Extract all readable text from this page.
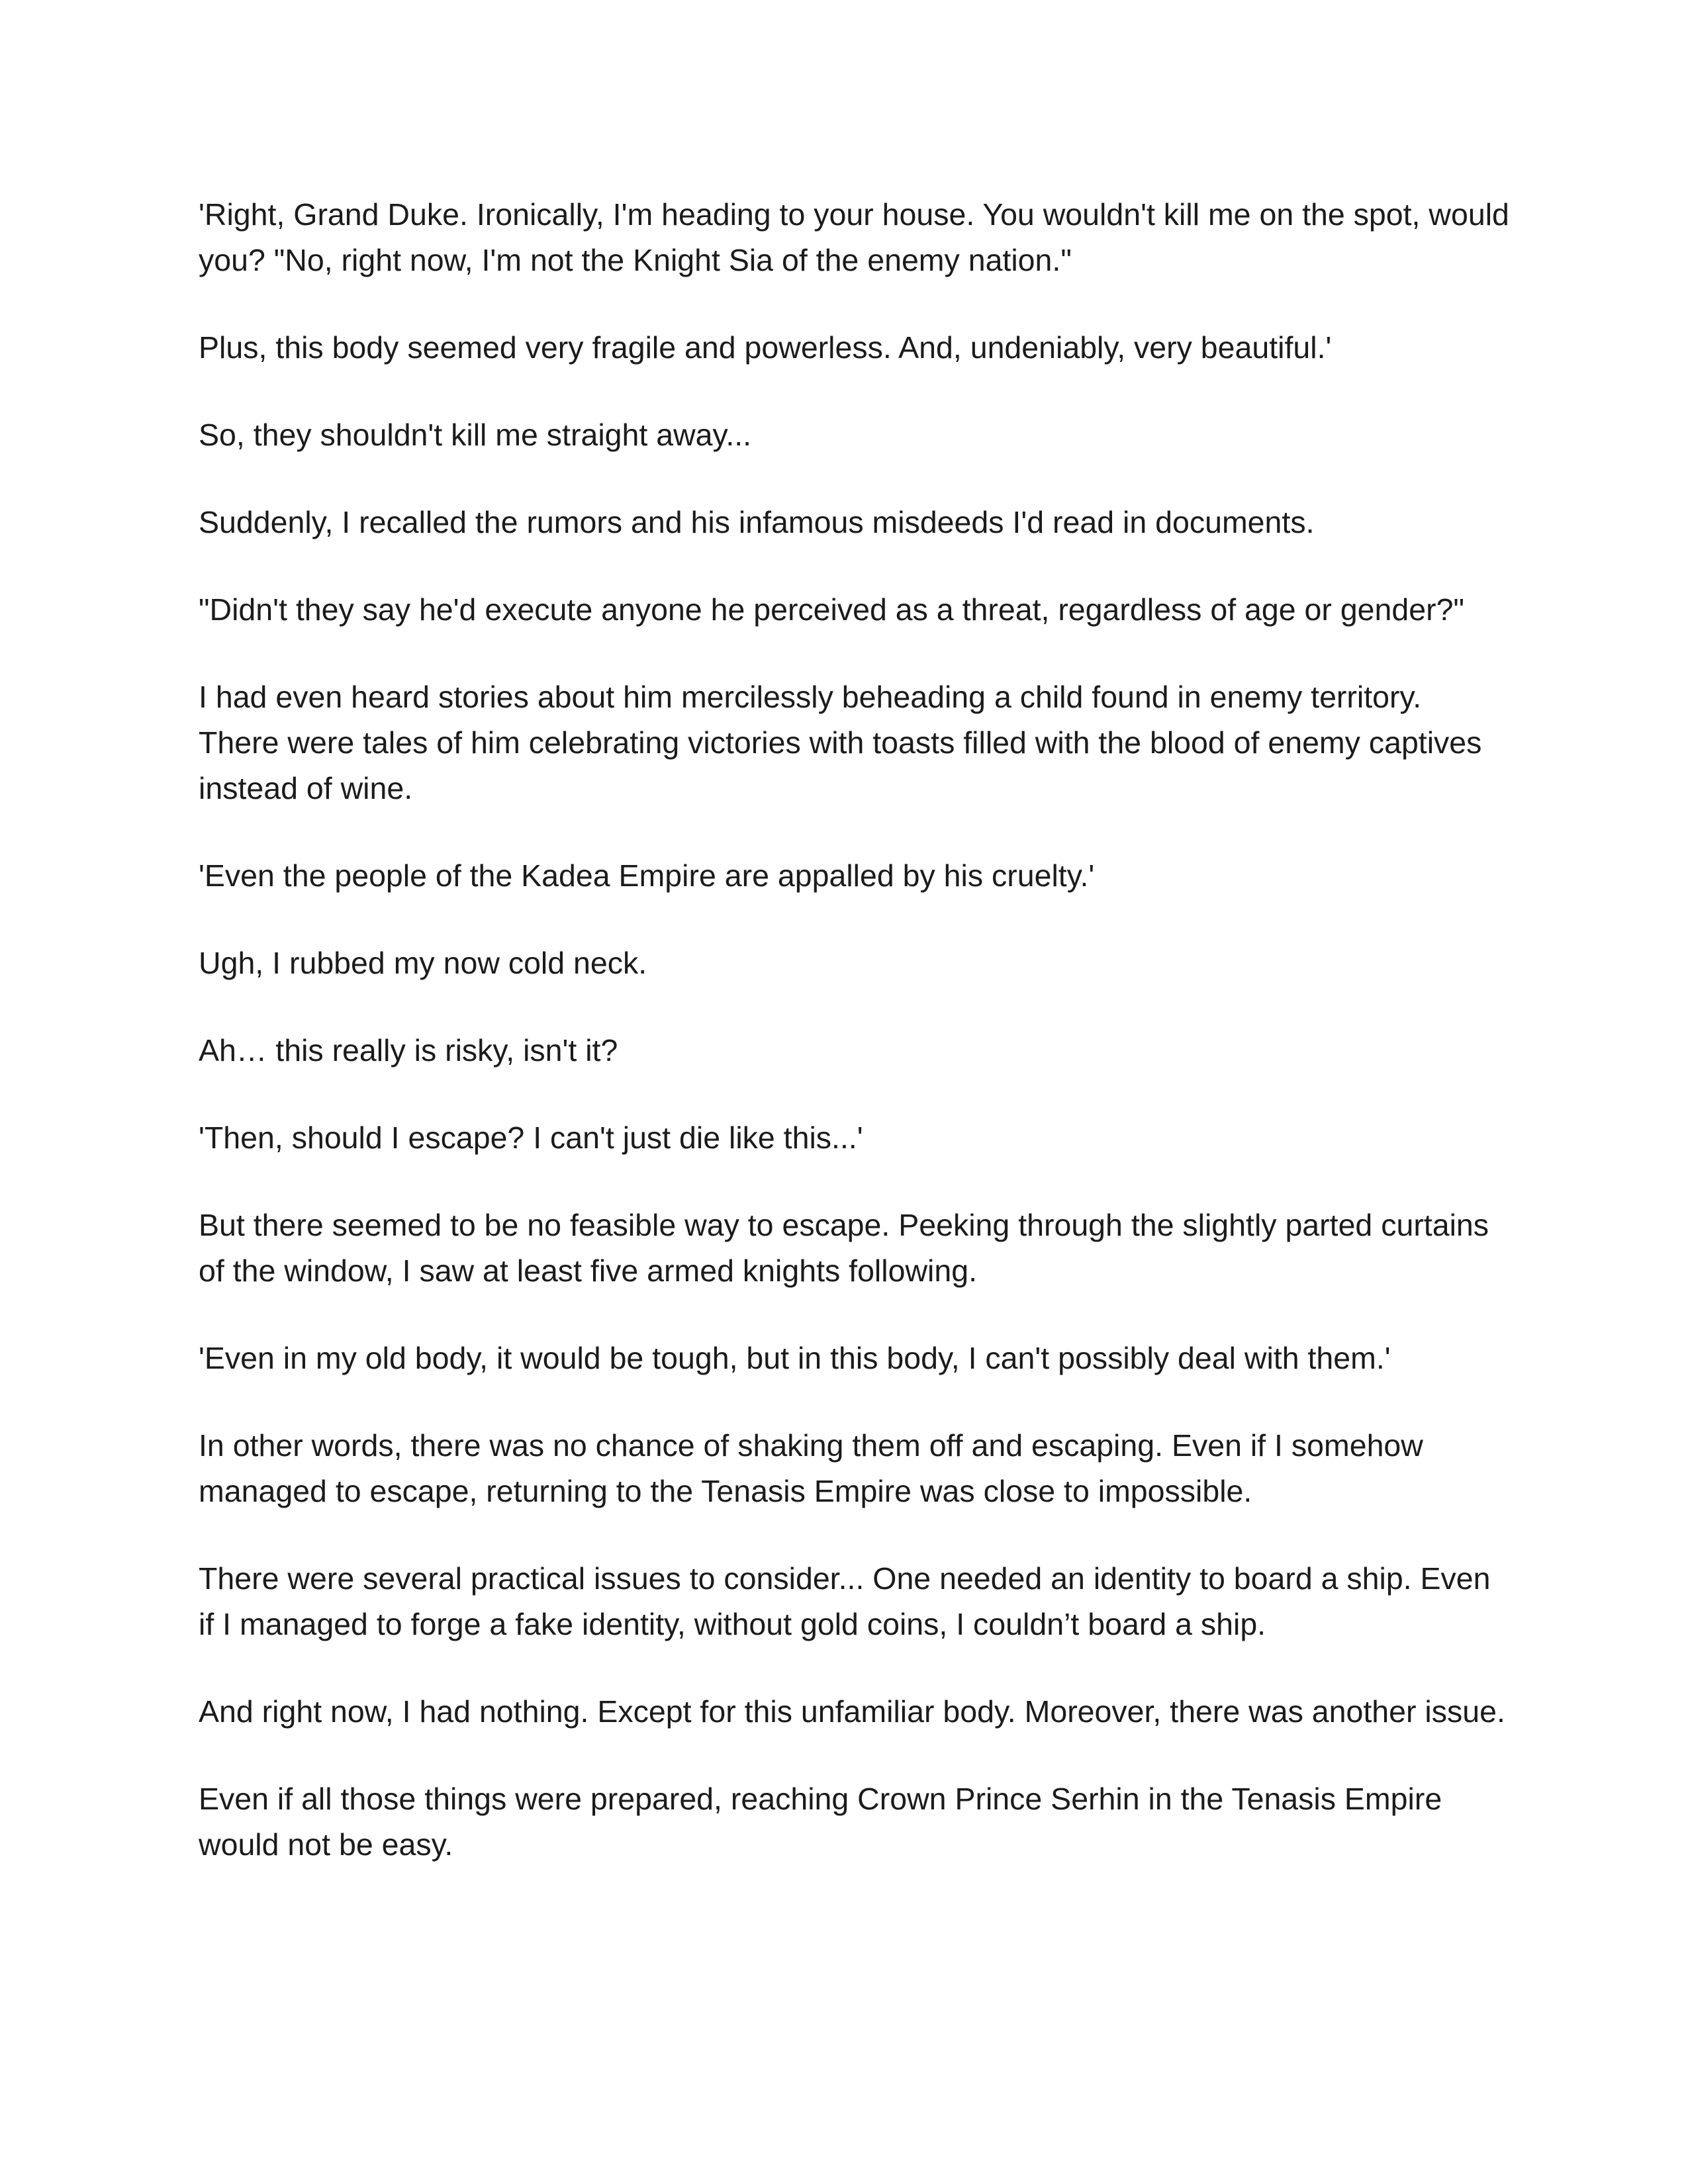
'Right, Grand Duke. Ironically, I'm heading to your house. You wouldn't kill me on the spot, would you? "No, right now, I'm not the Knight Sia of the enemy nation."

Plus, this body seemed very fragile and powerless. And, undeniably, very beautiful.'

So, they shouldn't kill me straight away...

Suddenly, I recalled the rumors and his infamous misdeeds I'd read in documents.

"Didn't they say he'd execute anyone he perceived as a threat, regardless of age or gender?"

I had even heard stories about him mercilessly beheading a child found in enemy territory. There were tales of him celebrating victories with toasts filled with the blood of enemy captives instead of wine.

'Even the people of the Kadea Empire are appalled by his cruelty.'

Ugh, I rubbed my now cold neck.

Ah… this really is risky, isn't it?

'Then, should I escape? I can't just die like this...'

But there seemed to be no feasible way to escape. Peeking through the slightly parted curtains of the window, I saw at least five armed knights following.

'Even in my old body, it would be tough, but in this body, I can't possibly deal with them.'

In other words, there was no chance of shaking them off and escaping. Even if I somehow managed to escape, returning to the Tenasis Empire was close to impossible.

There were several practical issues to consider... One needed an identity to board a ship. Even if I managed to forge a fake identity, without gold coins, I couldn’t board a ship.

And right now, I had nothing. Except for this unfamiliar body. Moreover, there was another issue.

Even if all those things were prepared, reaching Crown Prince Serhin in the Tenasis Empire would not be easy.
